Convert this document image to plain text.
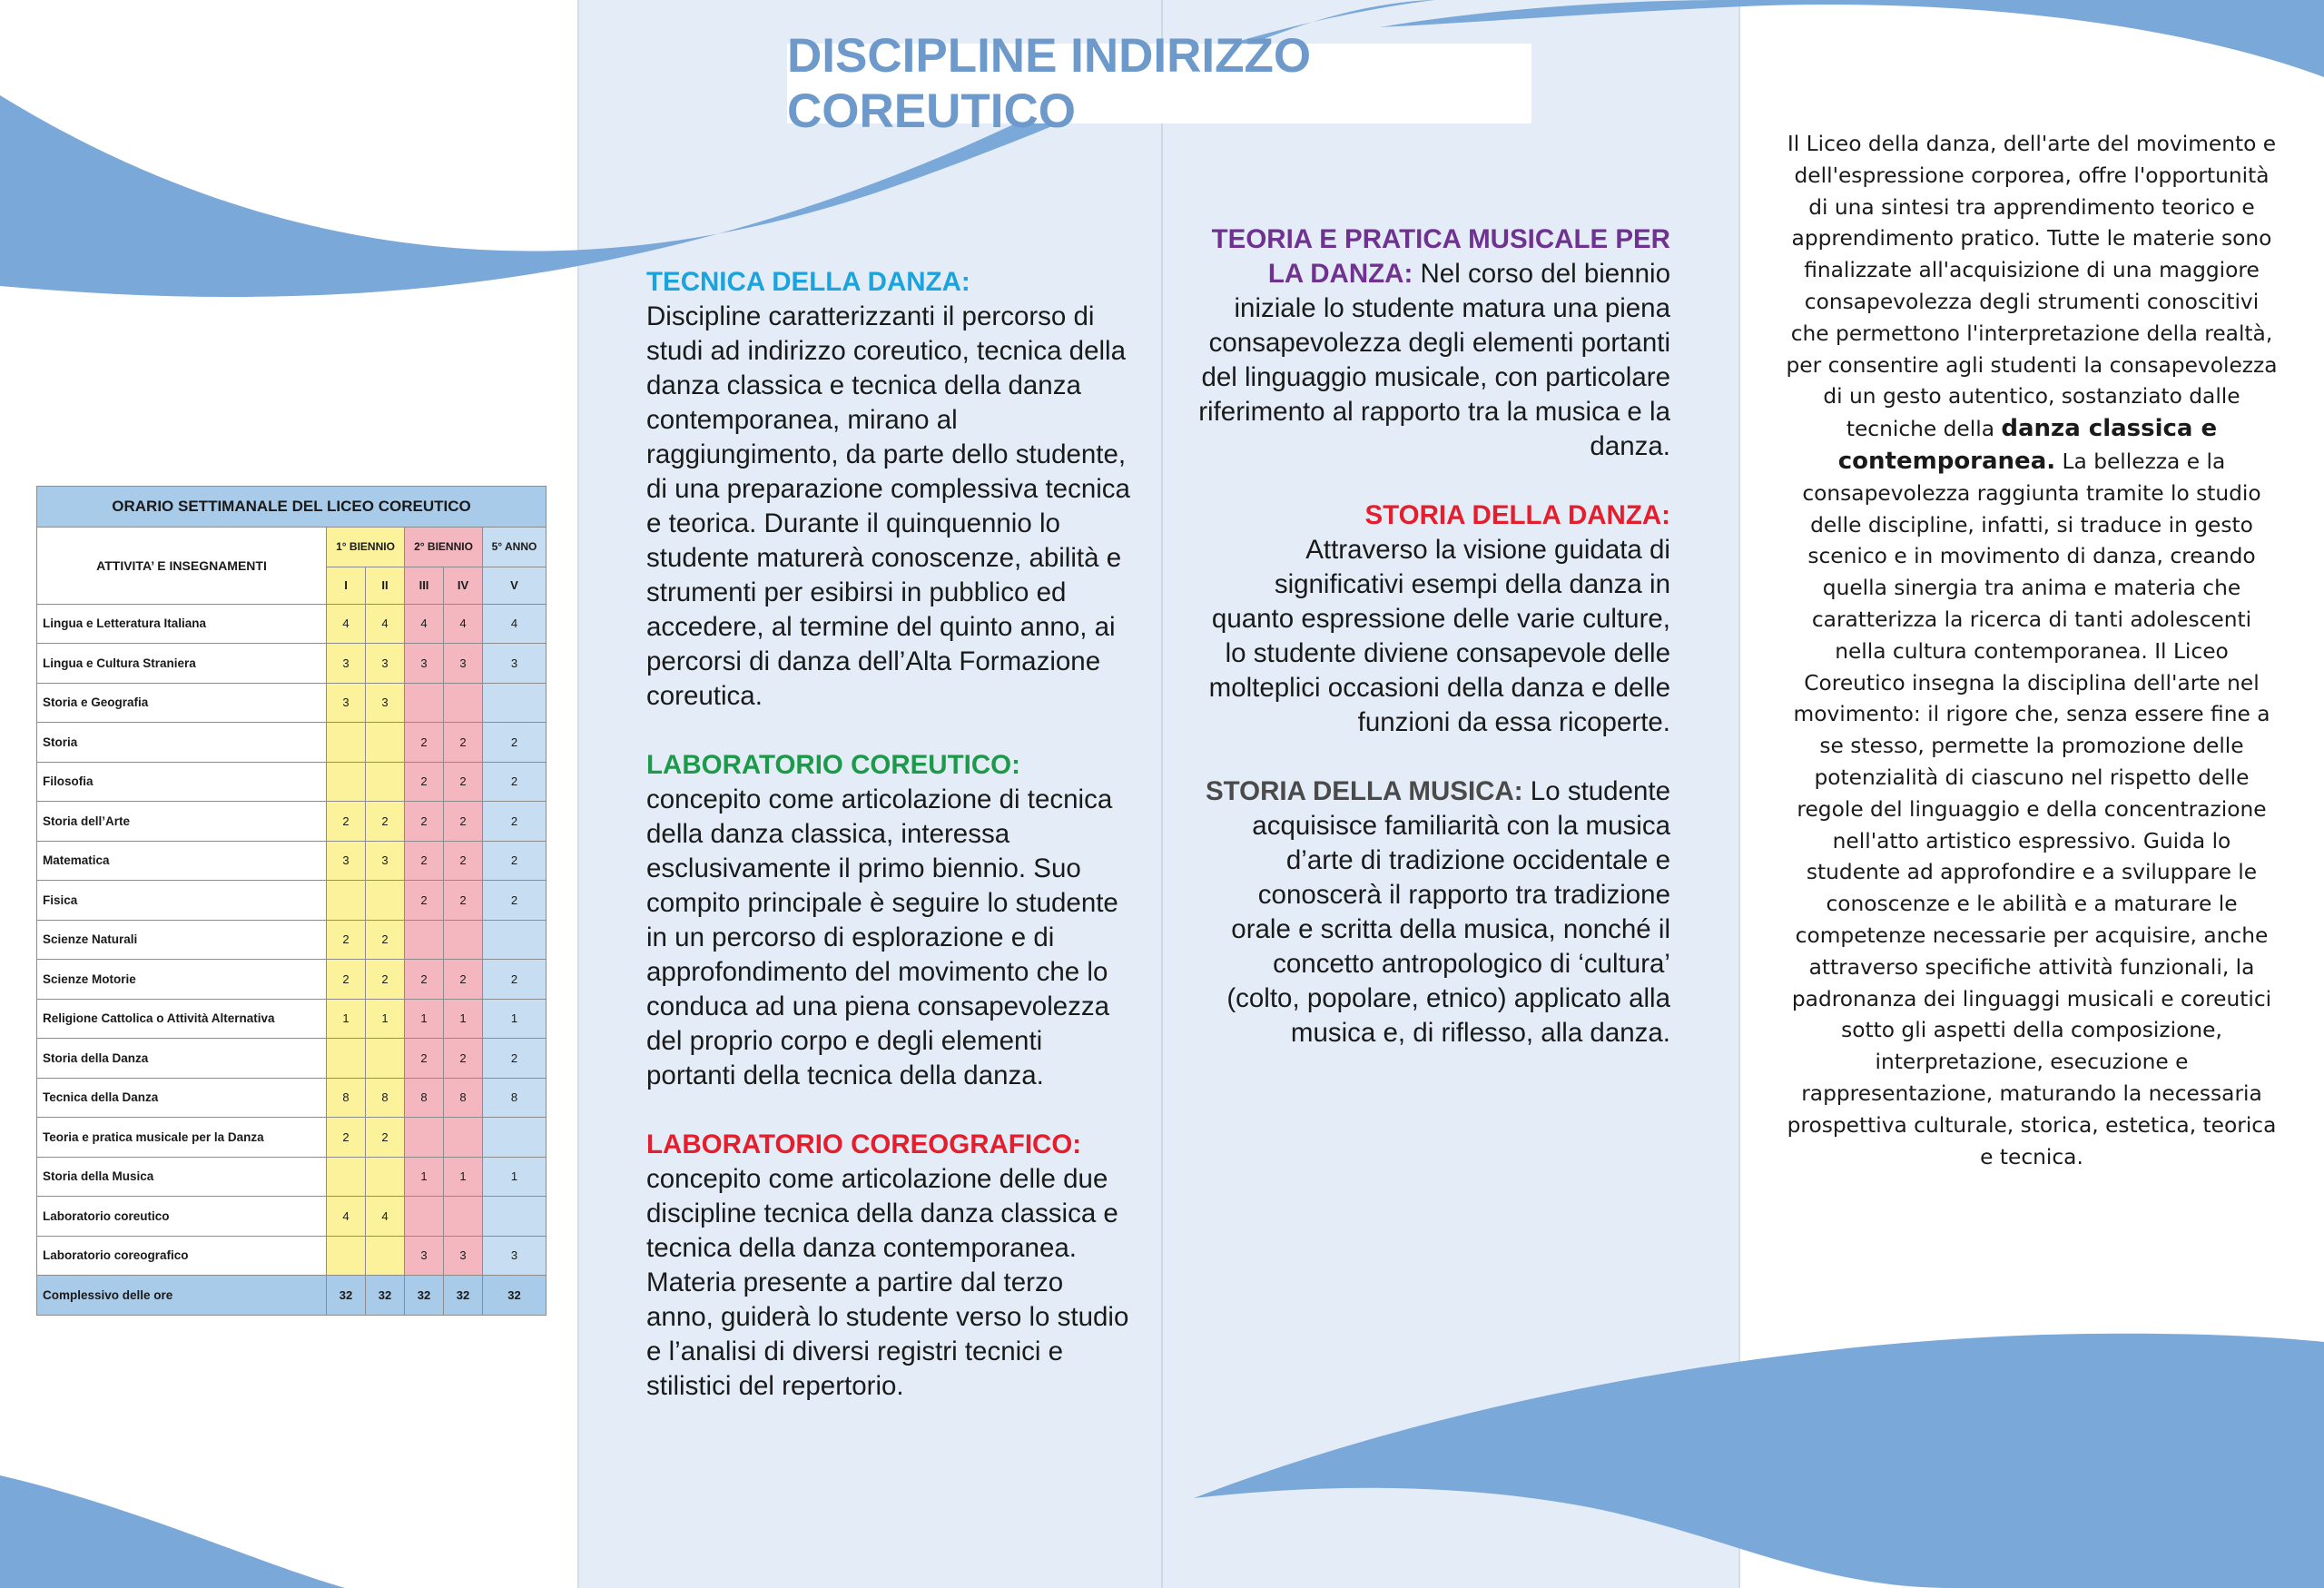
DISCIPLINE INDIRIZZO COREUTICO
ORARIO SETTIMANALE DEL LICEO COREUTICO					
ATTIVITA’ E INSEGNAMENTI	1° BIENNIO		2° BIENNIO		5° ANNO
	I	II	III	IV	V
Lingua e Letteratura Italiana	4	4	4	4	4
Lingua e Cultura Straniera	3	3	3	3	3
Storia e Geografia	3	3			
Storia			2	2	2
Filosofia			2	2	2
Storia dell’Arte	2	2	2	2	2
Matematica	3	3	2	2	2
Fisica			2	2	2
Scienze Naturali	2	2			
Scienze Motorie	2	2	2	2	2
Religione Cattolica o Attività Alternativa	1	1	1	1	1
Storia della Danza			2	2	2
Tecnica della Danza	8	8	8	8	8
Teoria e pratica musicale per la Danza	2	2			
Storia della Musica			1	1	1
Laboratorio coreutico	4	4			
Laboratorio coreografico			3	3	3
Complessivo delle ore	32	32	32	32	32

TECNICA DELLA DANZA:

Discipline caratterizzanti il percorso di studi ad indirizzo coreutico, tecnica della danza classica e tecnica della danza contemporanea, mirano al raggiungimento, da parte dello studente, di una preparazione complessiva tecnica e teorica. Durante il quinquennio lo studente maturerà conoscenze, abilità e strumenti per esibirsi in pubblico ed accedere, al termine del quinto anno, ai percorsi di danza dell’Alta Formazione coreutica.

LABORATORIO COREUTICO:

concepito come articolazione di tecnica della danza classica, interessa esclusivamente il primo biennio. Suo compito principale è seguire lo studente in un percorso di esplorazione e di approfondimento del movimento che lo conduca ad una piena consapevolezza del proprio corpo e degli elementi portanti della tecnica della danza.

LABORATORIO COREOGRAFICO:

concepito come articolazione delle due discipline tecnica della danza classica e tecnica della danza contemporanea. Materia presente a partire dal terzo anno, guiderà lo studente verso lo studio e l’analisi di diversi registri tecnici e stilistici del repertorio.

TEORIA E PRATICA MUSICALE PER LA DANZA: Nel corso del biennio iniziale lo studente matura una piena consapevolezza degli elementi portanti del linguaggio musicale, con particolare riferimento al rapporto tra la musica e la danza.

STORIA DELLA DANZA:

Attraverso la visione guidata di significativi esempi della danza in quanto espressione delle varie culture, lo studente diviene consapevole delle molteplici occasioni della danza e delle funzioni da essa ricoperte.

STORIA DELLA MUSICA: Lo studente acquisisce familiarità con la musica d’arte di tradizione occidentale e conoscerà il rapporto tra tradizione orale e scritta della musica, nonché il concetto antropologico di ‘cultura’ (colto, popolare, etnico) applicato alla musica e, di riflesso, alla danza.

Il Liceo della danza, dell'arte del movimento e dell'espressione corporea, offre l'opportunità di una sintesi tra apprendimento teorico e apprendimento pratico. Tutte le materie sono finalizzate all'acquisizione di una maggiore consapevolezza degli strumenti conoscitivi che permettono l'interpretazione della realtà, per consentire agli studenti la consapevolezza di un gesto autentico, sostanziato dalle tecniche della danza classica e contemporanea. La bellezza e la consapevolezza raggiunta tramite lo studio delle discipline, infatti, si traduce in gesto scenico e in movimento di danza, creando quella sinergia tra anima e materia che caratterizza la ricerca di tanti adolescenti nella cultura contemporanea. Il Liceo Coreutico insegna la disciplina dell'arte nel movimento: il rigore che, senza essere fine a se stesso, permette la promozione delle potenzialità di ciascuno nel rispetto delle regole del linguaggio e della concentrazione nell'atto artistico espressivo. Guida lo studente ad approfondire e a sviluppare le conoscenze e le abilità e a maturare le competenze necessarie per acquisire, anche attraverso specifiche attività funzionali, la padronanza dei linguaggi musicali e coreutici sotto gli aspetti della composizione, interpretazione, esecuzione e rappresentazione, maturando la necessaria prospettiva culturale, storica, estetica, teorica e tecnica.
